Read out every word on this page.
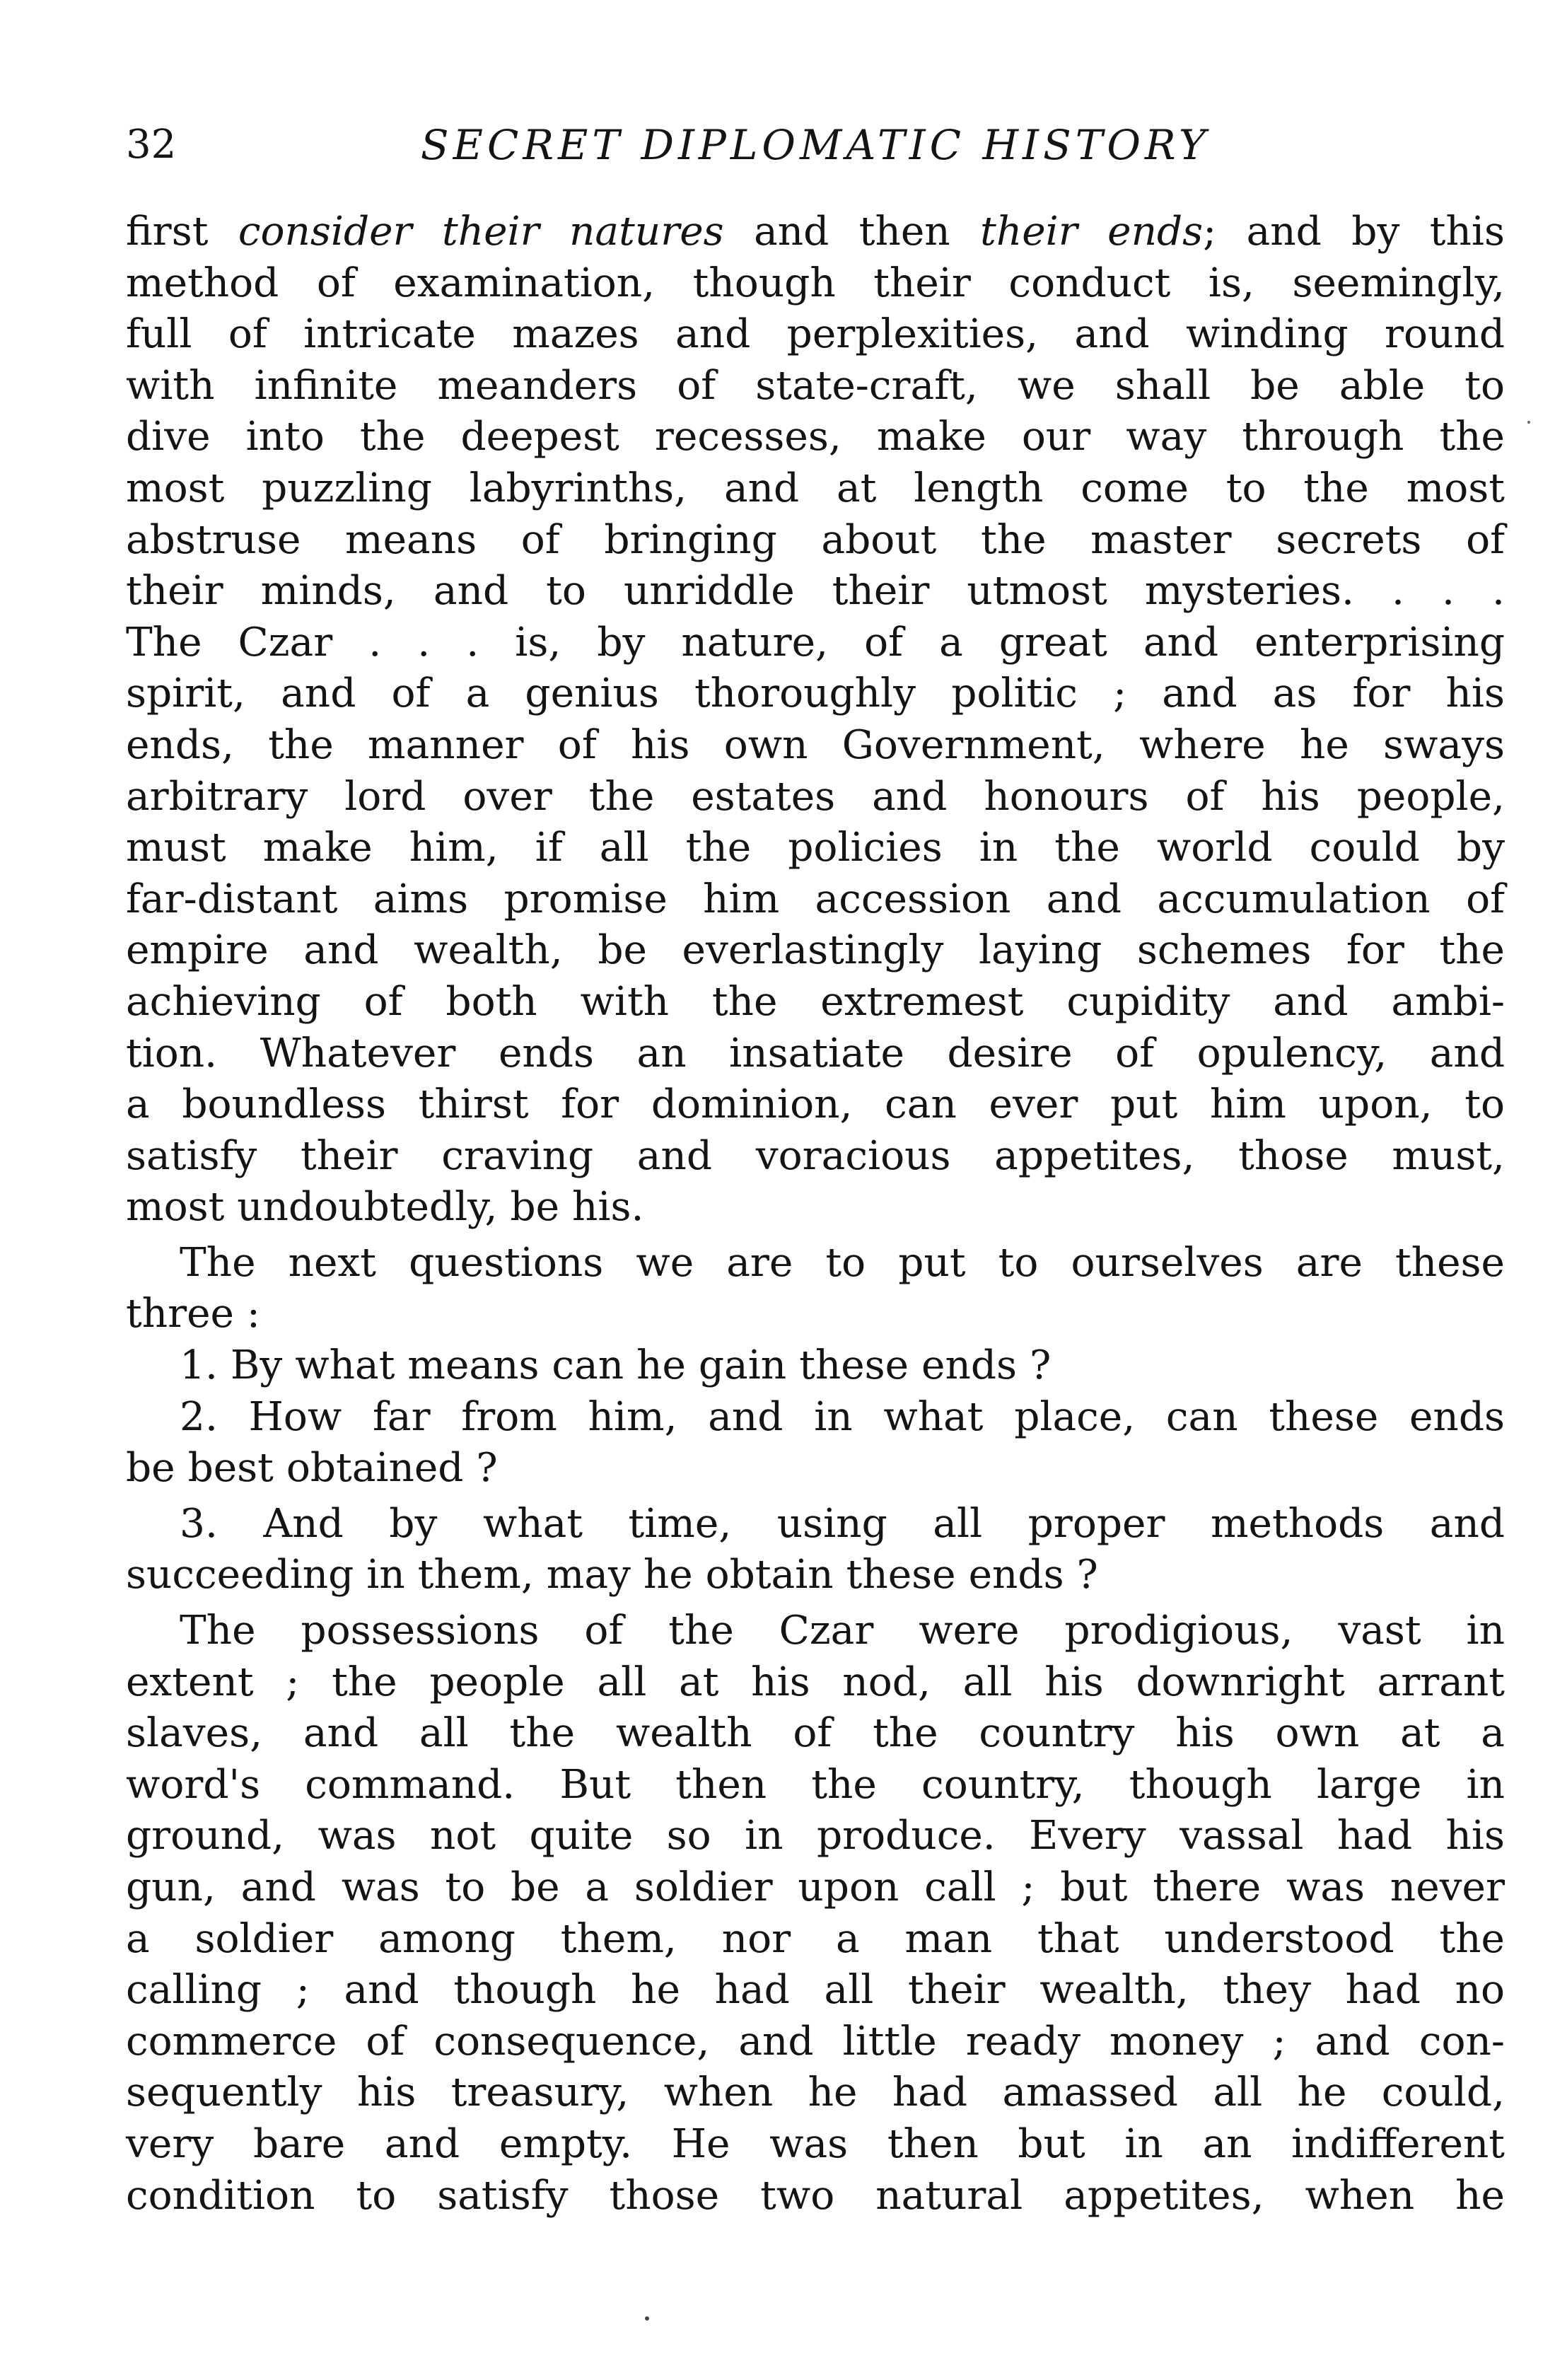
32	SECRET DIPLOMATIC HISTORY
first consider their natures and then their ends; and by this
method of examination, though their conduct is, seemingly,
full of intricate mazes and perplexities, and winding round
with infinite meanders of state-craft, we shall be able to
dive into the deepest recesses, make our way through the
most puzzling labyrinths, and at length come to the most
abstruse means of bringing about the master secrets of
their minds, and to unriddle their utmost mysteries. . . .
The Czar . . . is, by nature, of a great and enterprising
spirit, and of a genius thoroughly politic ; and as for his
ends, the manner of his own Government, where he sways
arbitrary lord over the estates and honours of his people,
must make him, if all the policies in the world could by
far-distant aims promise him accession and accumulation of
empire and wealth, be everlastingly laying schemes for the
achieving of both with the extremest cupidity and ambi-
tion. Whatever ends an insatiate desire of opulency, and
a boundless thirst for dominion, can ever put him upon, to
satisfy their craving and voracious appetites, those must,
most undoubtedly, be his.
The next questions we are to put to ourselves are these
three :
1. By what means can he gain these ends ?
2. How far from him, and in what place, can these ends
be best obtained ?
3. And by what time, using all proper methods and
succeeding in them, may he obtain these ends ?
The possessions of the Czar were prodigious, vast in
extent ; the people all at his nod, all his downright arrant
slaves, and all the wealth of the country his own at a
word's command. But then the country, though large in
ground, was not quite so in produce. Every vassal had his
gun, and was to be a soldier upon call ; but there was never
a soldier among them, nor a man that understood the
calling ; and though he had all their wealth, they had no
commerce of consequence, and little ready money ; and con-
sequently his treasury, when he had amassed all he could,
very bare and empty. He was then but in an indifferent
condition to satisfy those two natural appetites, when he
